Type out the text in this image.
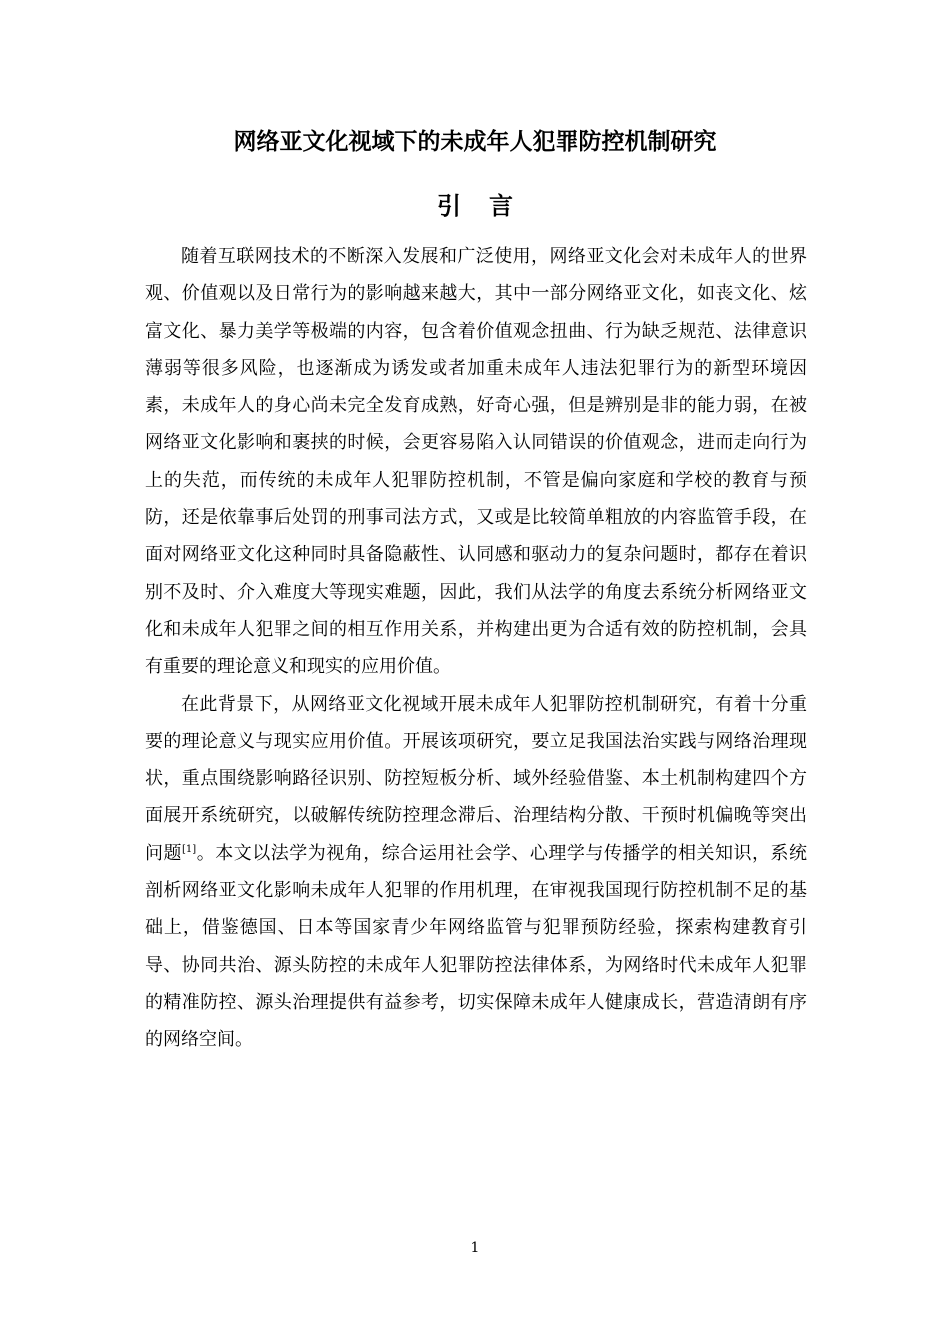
网络亚文化视域下的未成年人犯罪防控机制研究
引言

随着互联网技术的不断深入发展和广泛使用，网络亚文化会对未成年人的世界观、价值观以及日常行为的影响越来越大，其中一部分网络亚文化，如丧文化、炫富文化、暴力美学等极端的内容，包含着价值观念扭曲、行为缺乏规范、法律意识薄弱等很多风险，也逐渐成为诱发或者加重未成年人违法犯罪行为的新型环境因素，未成年人的身心尚未完全发育成熟，好奇心强，但是辨别是非的能力弱，在被网络亚文化影响和裹挟的时候，会更容易陷入认同错误的价值观念，进而走向行为上的失范，而传统的未成年人犯罪防控机制，不管是偏向家庭和学校的教育与预防，还是依靠事后处罚的刑事司法方式，又或是比较简单粗放的内容监管手段，在面对网络亚文化这种同时具备隐蔽性、认同感和驱动力的复杂问题时，都存在着识别不及时、介入难度大等现实难题，因此，我们从法学的角度去系统分析网络亚文化和未成年人犯罪之间的相互作用关系，并构建出更为合适有效的防控机制，会具有重要的理论意义和现实的应用价值。

在此背景下，从网络亚文化视域开展未成年人犯罪防控机制研究，有着十分重要的理论意义与现实应用价值。开展该项研究，要立足我国法治实践与网络治理现状，重点围绕影响路径识别、防控短板分析、域外经验借鉴、本土机制构建四个方面展开系统研究，以破解传统防控理念滞后、治理结构分散、干预时机偏晚等突出问题[1]。本文以法学为视角，综合运用社会学、心理学与传播学的相关知识，系统剖析网络亚文化影响未成年人犯罪的作用机理，在审视我国现行防控机制不足的基础上，借鉴德国、日本等国家青少年网络监管与犯罪预防经验，探索构建教育引导、协同共治、源头防控的未成年人犯罪防控法律体系，为网络时代未成年人犯罪的精准防控、源头治理提供有益参考，切实保障未成年人健康成长，营造清朗有序的网络空间。

1
